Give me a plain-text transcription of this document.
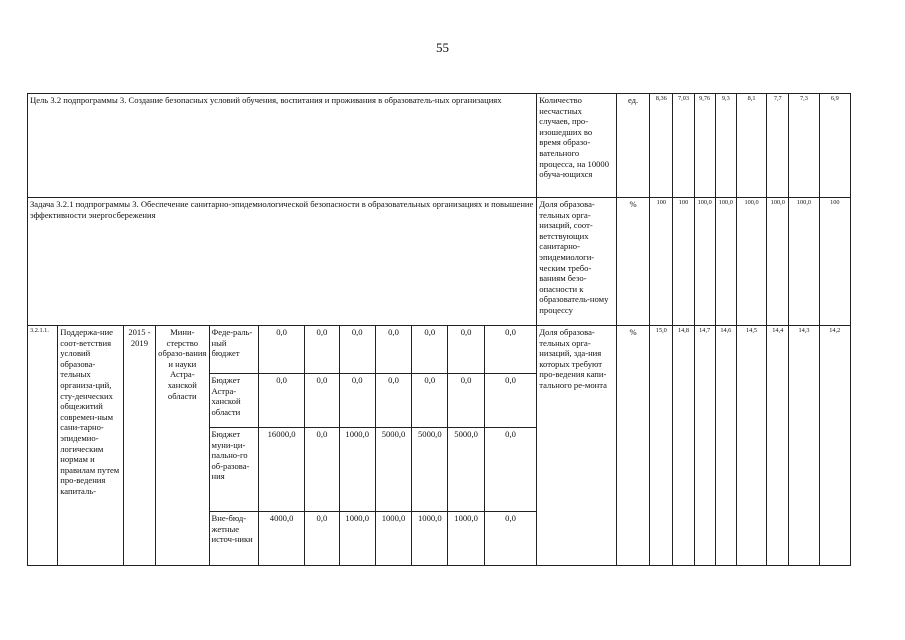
55
Цель 3.2 подпрограммы 3. Создание безопасных условий обучения, воспитания и проживания в образователь-ных организациях												Количество несчастных случаев, про-изошедших во время образо-вательного процесса, на 10000 обуча-ющихся	ед.	8,36	7,03	9,76	9,3	8,1	7,7	7,3	6,9
Задача 3.2.1 подпрограммы 3. Обеспечение санитарно-эпидемиологической безопасности в образовательных организациях и повышение эффективности энергосбережения												Доля образова-тельных орга-низаций, соот-ветствующих санитарно-эпидемиологи-ческим требо-ваниям безо-опасности к образователь-ному процессу	%	100	100	100,0	100,0	100,0	100,0	100,0	100
3.2.1.1.	Поддержа-ние соот-ветствия условий образова-тельных организа-ций, сту-денческих общежитий современ-ным сани-тарно-эпидемио-логическим нормам и правилам путем про-ведения капиталь-	2015 - 2019	Мини-стерство образо-вания и науки Астра-ханской области	Феде-раль-ный бюджет	0,0	0,0	0,0	0,0	0,0	0,0	0,0	Доля образова-тельных орга-низаций, зда-ния которых требуют про-ведения капи-тального ре-монта	%	15,0	14,8	14,7	14,6	14,5	14,4	14,3	14,2
				Бюджет Астра-ханской области	0,0	0,0	0,0	0,0	0,0	0,0	0,0										
				Бюджет муни-ци-пально-го об-разова-ния	16000,0	0,0	1000,0	5000,0	5000,0	5000,0	0,0										
				Вне-бюд-жетные источ-ники	4000,0	0,0	1000,0	1000,0	1000,0	1000,0	0,0										
